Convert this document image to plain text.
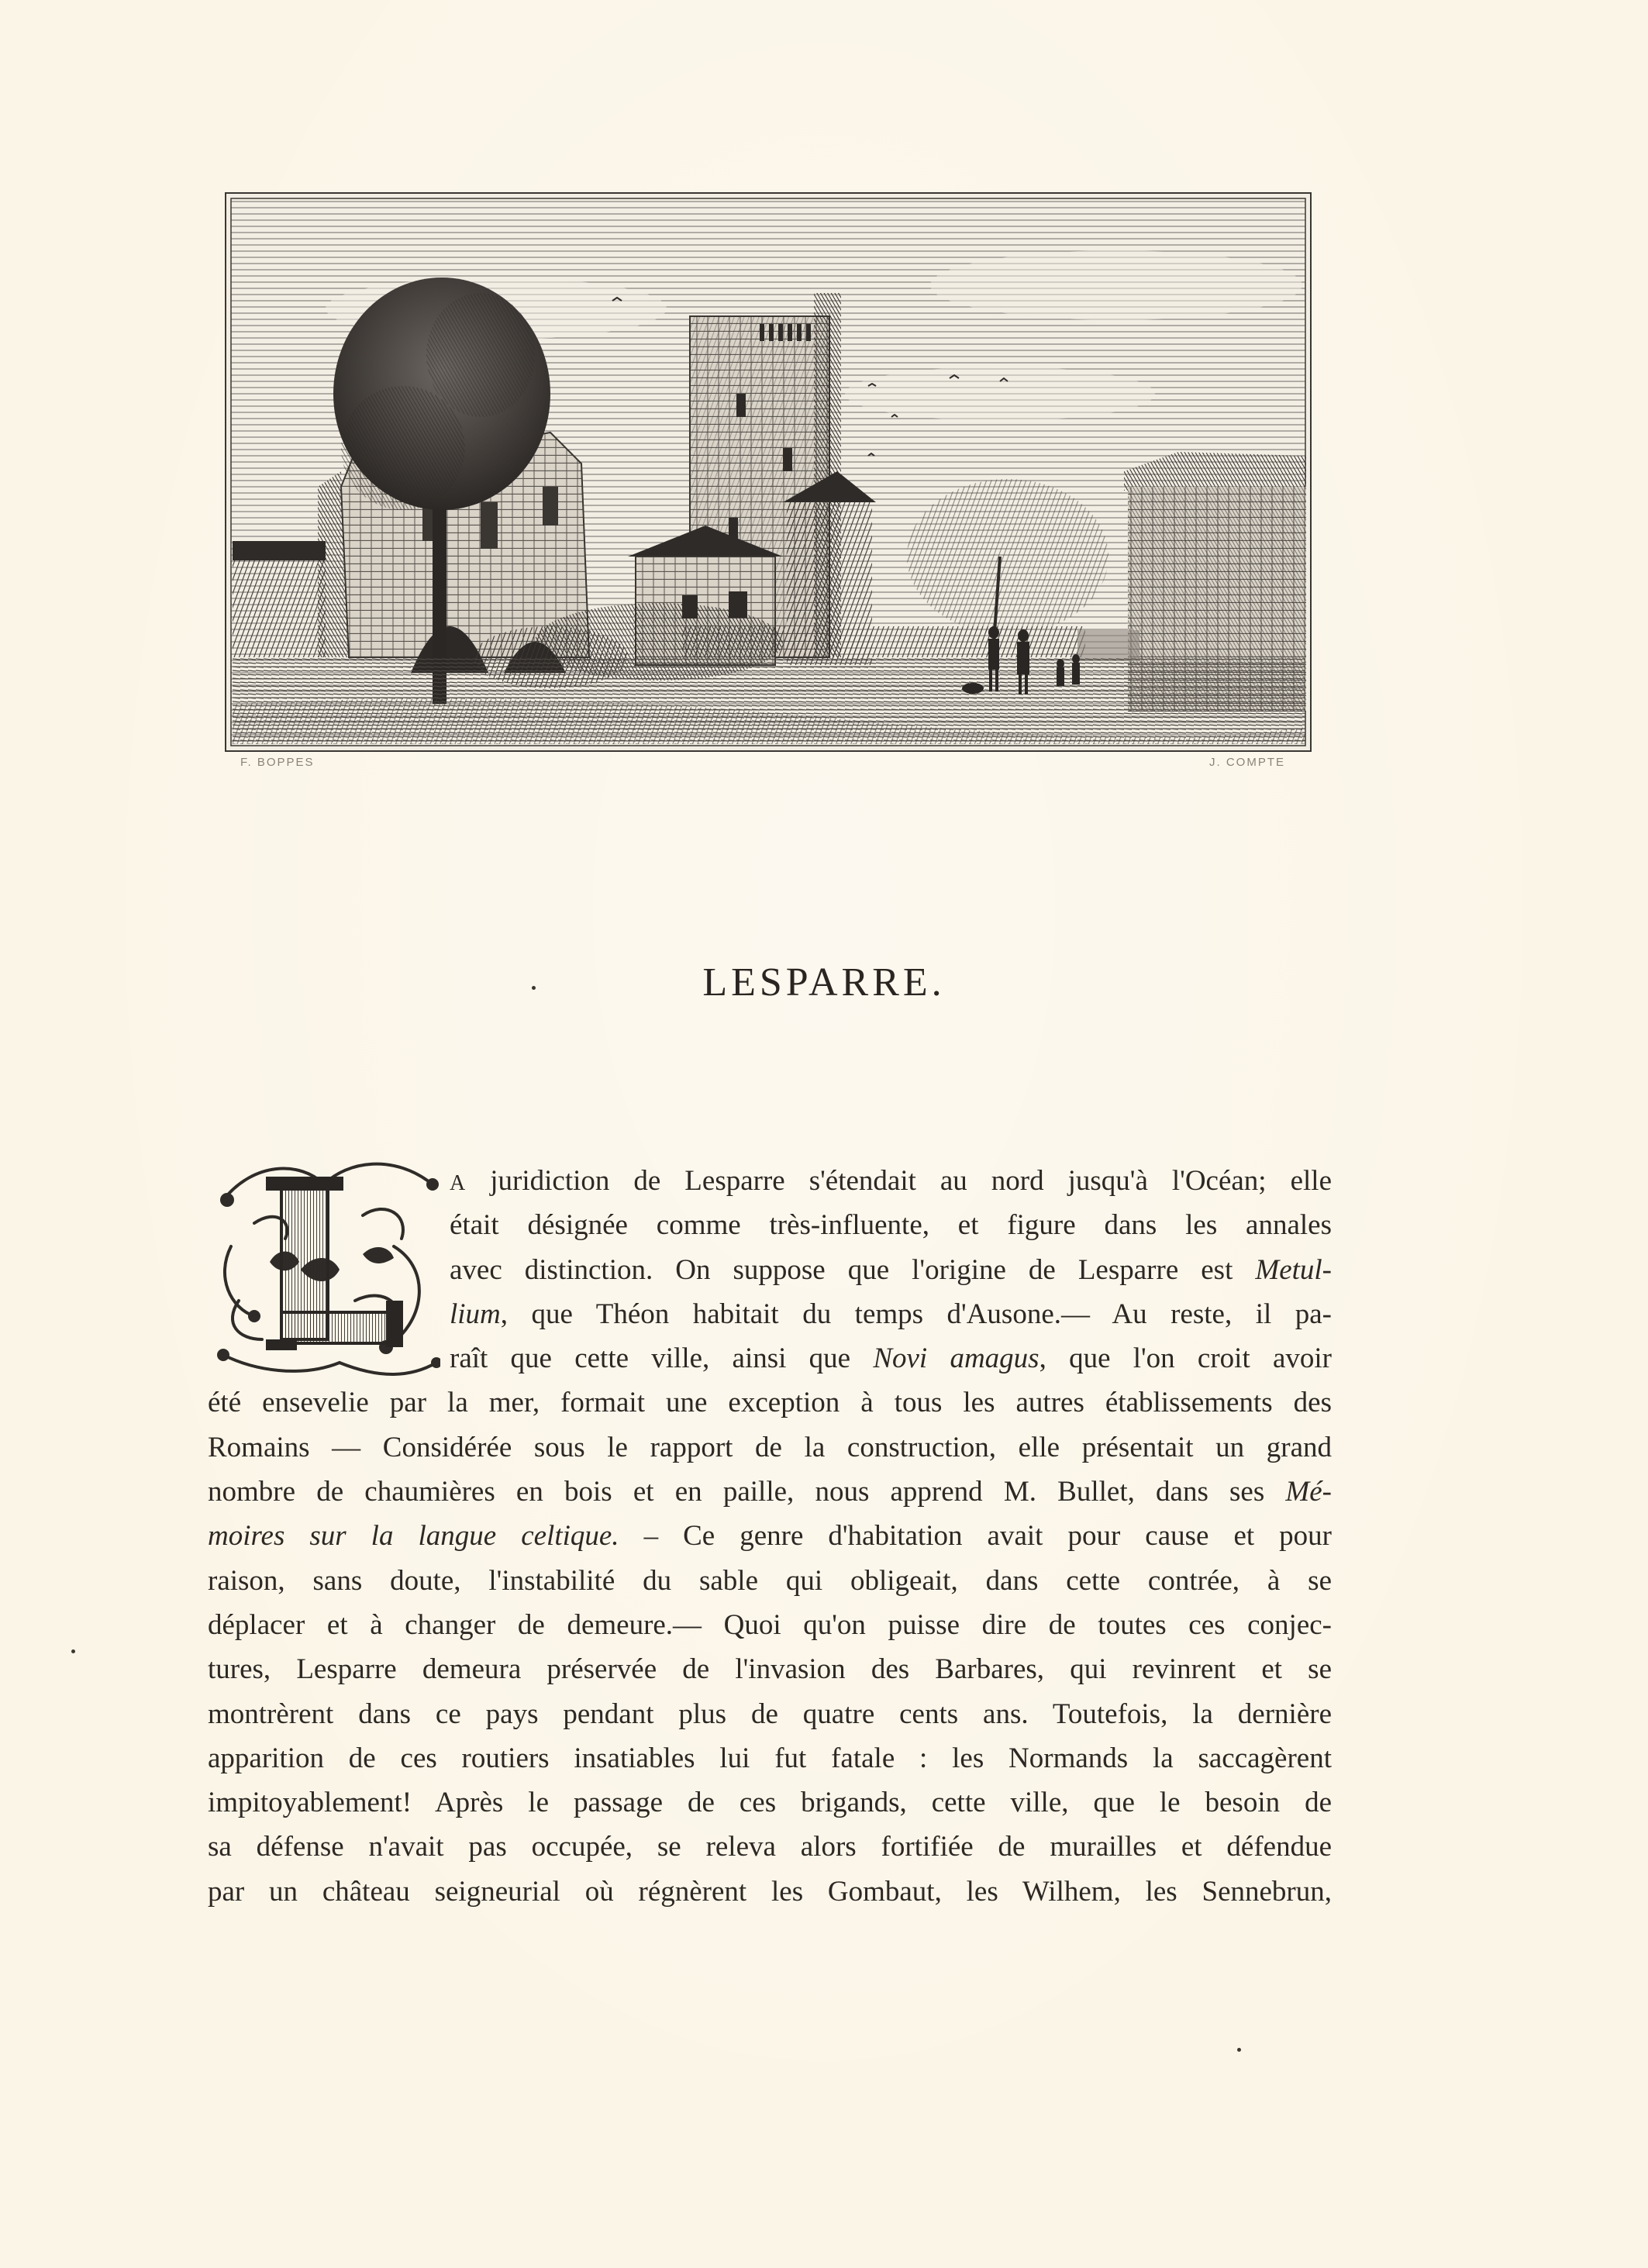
F. BOPPES	J. COMPTE
LESPARRE.
A juridiction de Lesparre s'étendait au nord jusqu'à l'Océan; elle
était désignée comme très-influente, et figure dans les annales
avec distinction. On suppose que l'origine de Lesparre est Metul-
lium, que Théon habitait du temps d'Ausone.— Au reste, il pa-
raît que cette ville, ainsi que Novi amagus, que l'on croit avoir
été ensevelie par la mer, formait une exception à tous les autres établissements des
Romains — Considérée sous le rapport de la construction, elle présentait un grand
nombre de chaumières en bois et en paille, nous apprend M. Bullet, dans ses Mé-
moires sur la langue celtique. – Ce genre d'habitation avait pour cause et pour
raison, sans doute, l'instabilité du sable qui obligeait, dans cette contrée, à se
déplacer et à changer de demeure.— Quoi qu'on puisse dire de toutes ces conjec-
tures, Lesparre demeura préservée de l'invasion des Barbares, qui revinrent et se
montrèrent dans ce pays pendant plus de quatre cents ans. Toutefois, la dernière
apparition de ces routiers insatiables lui fut fatale : les Normands la saccagèrent
impitoyablement! Après le passage de ces brigands, cette ville, que le besoin de
sa défense n'avait pas occupée, se releva alors fortifiée de murailles et défendue
par un château seigneurial où régnèrent les Gombaut, les Wilhem, les Sennebrun,
